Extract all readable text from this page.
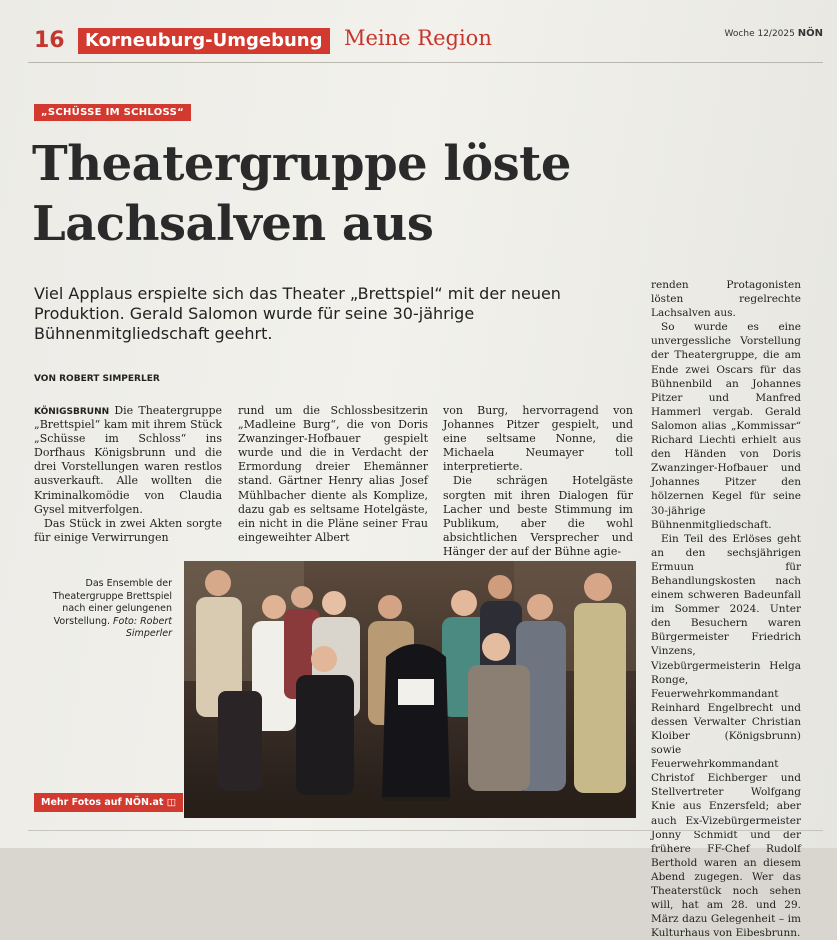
16	Korneuburg-Umgebung	Meine Region	Woche 12/2025 NÖN
„SCHÜSSE IM SCHLOSS“
Theatergruppe löste
Lachsalven aus
Viel Applaus erspielte sich das Theater „Brettspiel“ mit der neuen Produktion. Gerald Salomon wurde für seine 30-jährige Bühnenmitgliedschaft geehrt.
VON ROBERT SIMPERLER

KÖNIGSBRUNN Die Theatergruppe „Brettspiel“ kam mit ihrem Stück „Schüsse im Schloss“ ins Dorfhaus Königsbrunn und die drei Vorstellungen waren restlos ausverkauft. Alle wollten die Kriminalkomödie von Claudia Gysel mitverfolgen.

Das Stück in zwei Akten sorgte für einige Verwirrungen

rund um die Schlossbesitzerin „Madleine Burg“, die von Doris Zwanzinger-Hofbauer gespielt wurde und die in Verdacht der Ermordung dreier Ehemänner stand. Gärtner Henry alias Josef Mühlbacher diente als Komplize, dazu gab es seltsame Hotelgäste, ein nicht in die Pläne seiner Frau eingeweihter Albert

von Burg, hervorragend von Johannes Pitzer gespielt, und eine seltsame Nonne, die Michaela Neumayer toll interpretierte.

Die schrägen Hotelgäste sorgten mit ihren Dialogen für Lacher und beste Stimmung im Publikum, aber die wohl absichtlichen Versprecher und Hänger der auf der Bühne agie-

renden Protagonisten lösten regelrechte Lachsalven aus.

So wurde es eine unvergessliche Vorstellung der Theatergruppe, die am Ende zwei Oscars für das Bühnenbild an Johannes Pitzer und Manfred Hammerl vergab. Gerald Salomon alias „Kommissar“ Richard Liechti erhielt aus den Händen von Doris Zwanzinger-Hofbauer und Johannes Pitzer den hölzernen Kegel für seine 30-jährige Bühnenmitgliedschaft.

Ein Teil des Erlöses geht an den sechsjährigen Ermuun für Behandlungskosten nach einem schweren Badeunfall im Sommer 2024. Unter den Besuchern waren Bürgermeister Friedrich Vinzens, Vizebürgermeisterin Helga Ronge, Feuerwehrkommandant Reinhard Engelbrecht und dessen Verwalter Christian Kloiber (Königsbrunn) sowie Feuerwehrkommandant Christof Eichberger und Stellvertreter Wolfgang Knie aus Enzersfeld; aber auch Ex-Vizebürgermeister Jonny Schmidt und der frühere FF-Chef Rudolf Berthold waren an diesem Abend zugegen. Wer das Theaterstück noch sehen will, hat am 28. und 29. März dazu Gelegenheit – im Kulturhaus von Eibesbrunn.

Das Ensemble der Theatergruppe Brettspiel nach einer gelungenen Vorstellung. Foto: Robert Simperler
Mehr Fotos auf NÖN.at ◫
